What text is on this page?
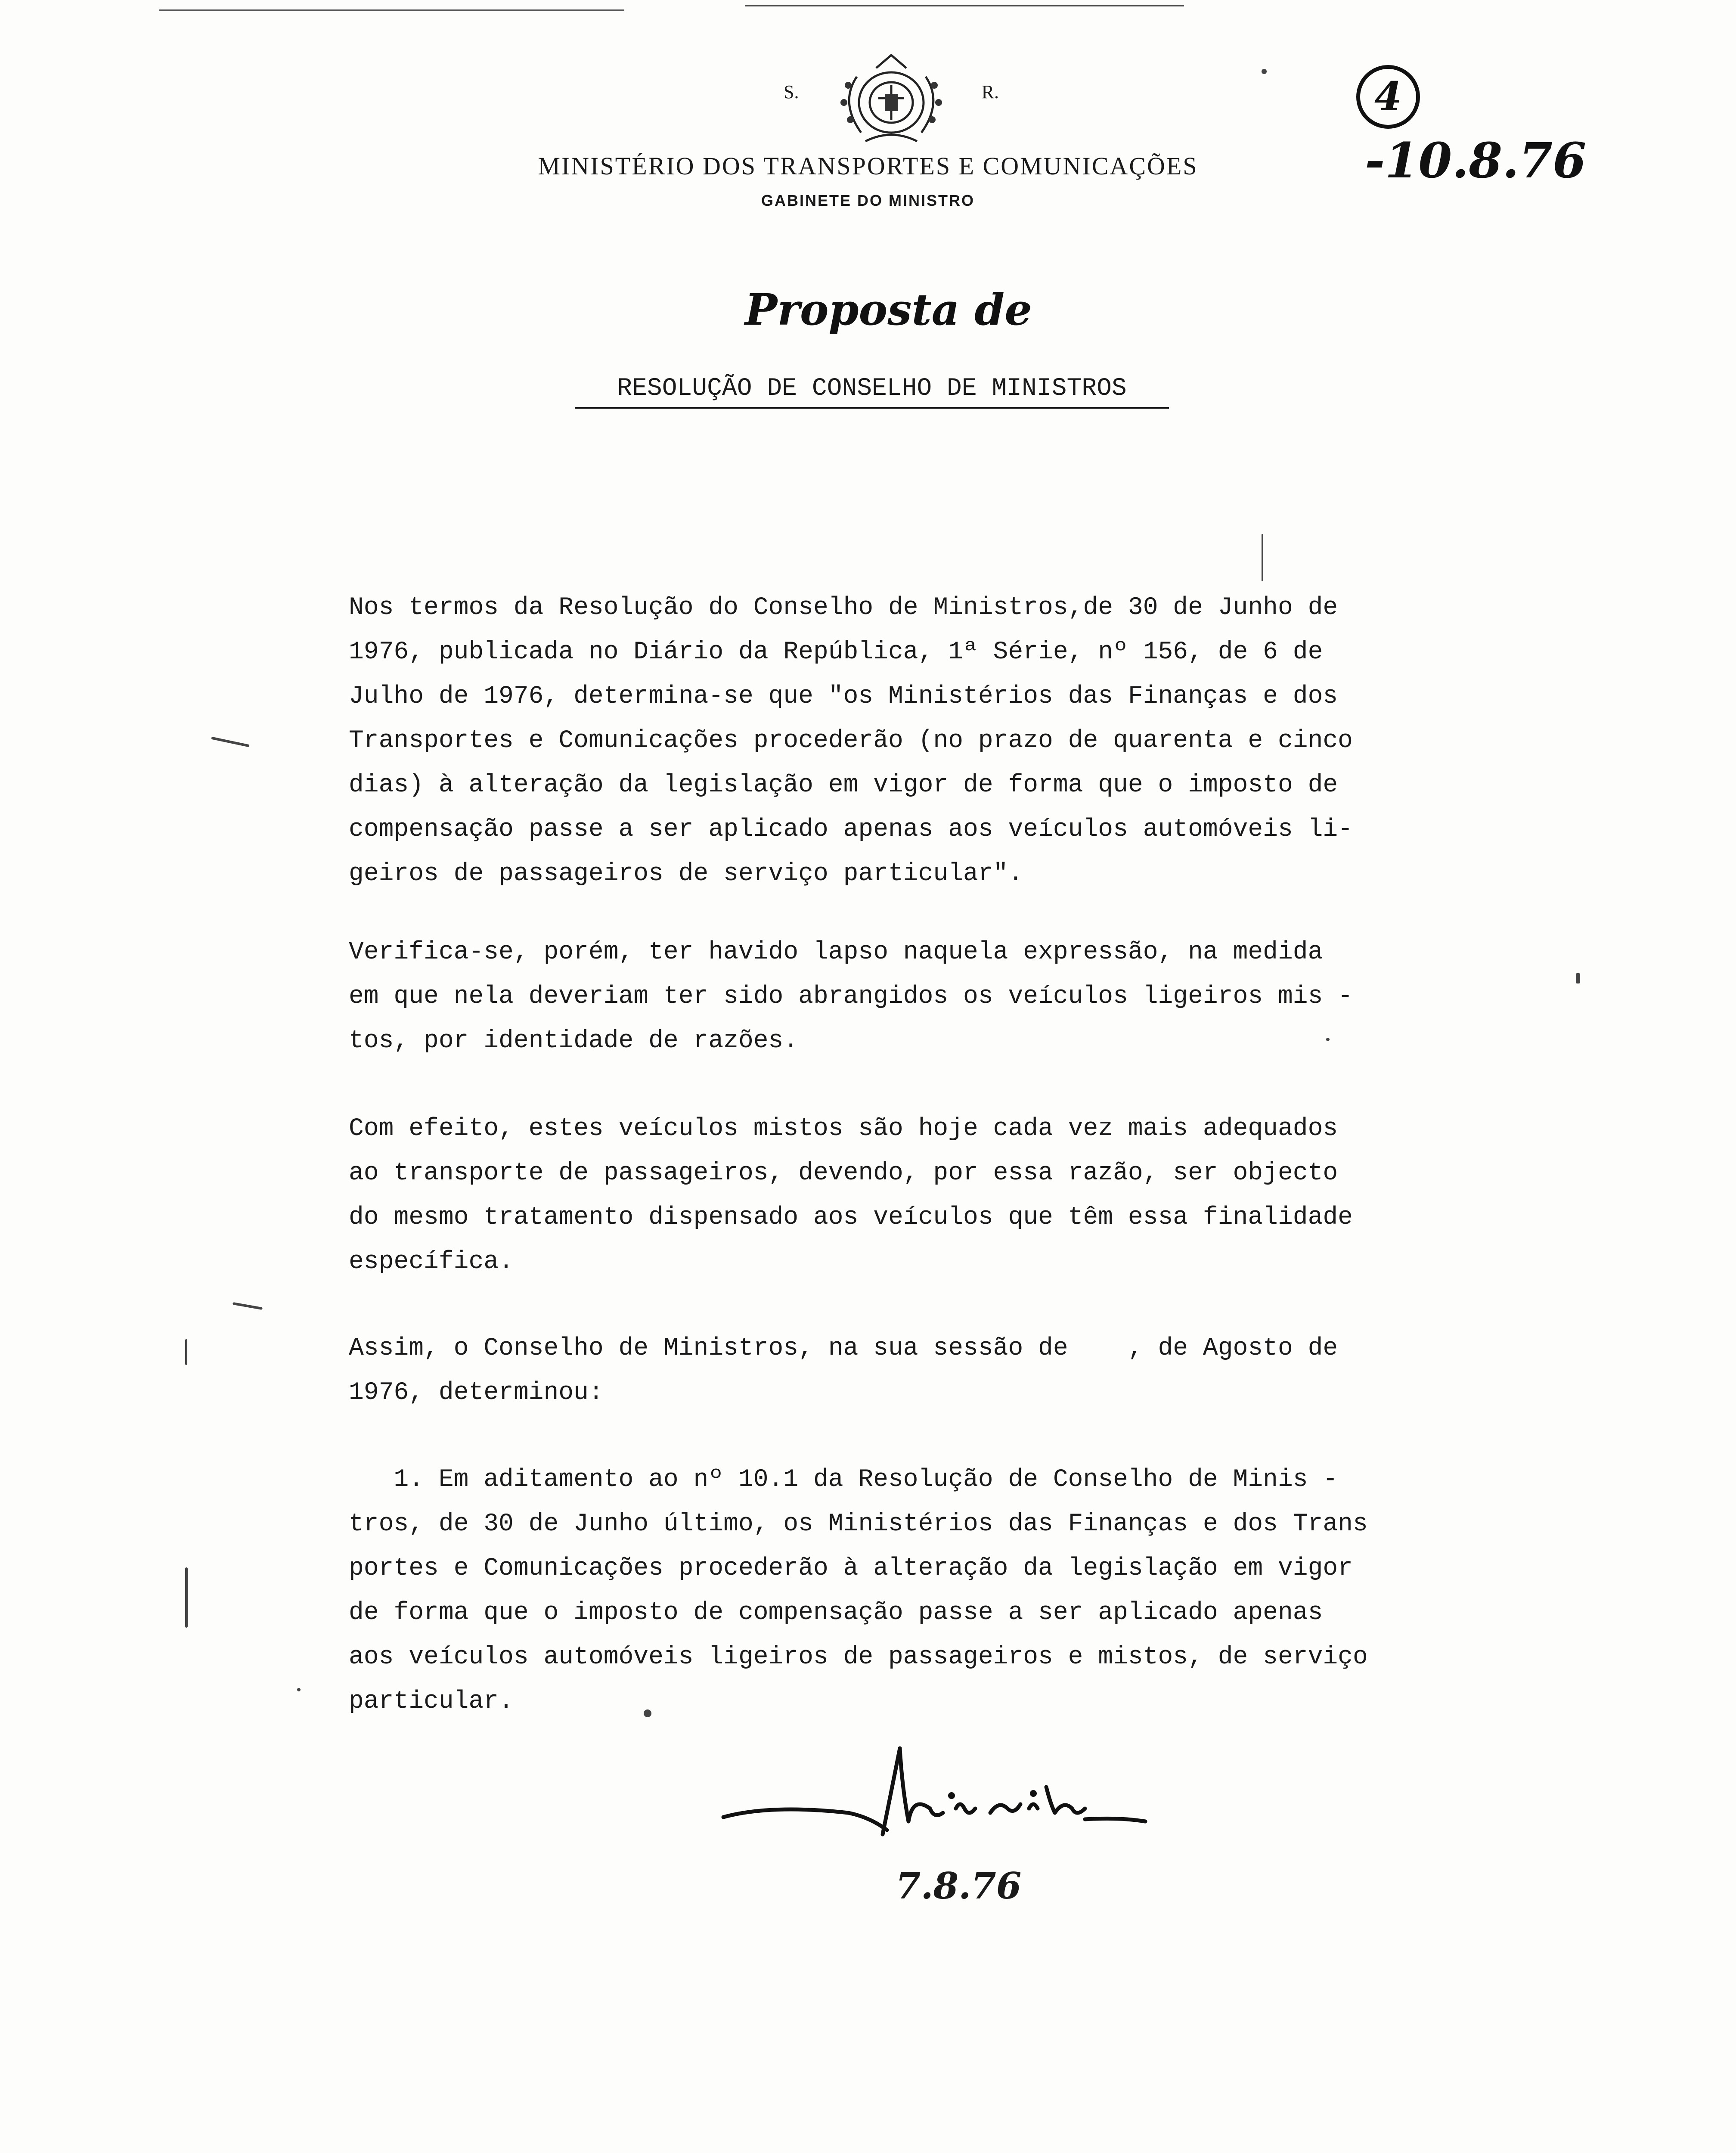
S.	R.
MINISTÉRIO DOS TRANSPORTES E COMUNICAÇÕES
GABINETE DO MINISTRO
4-10.8.76
Proposta de
RESOLUÇÃO DE CONSELHO DE MINISTROS
Nos termos da Resolução do Conselho de Ministros,de 30 de Junho de
1976, publicada no Diário da República, 1ª Série, nº 156, de 6 de
Julho de 1976, determina-se que "os Ministérios das Finanças e dos
Transportes e Comunicações procederão (no prazo de quarenta e cinco
dias) à alteração da legislação em vigor de forma que o imposto de
compensação passe a ser aplicado apenas aos veículos automóveis li-
geiros de passageiros de serviço particular".
Verifica-se, porém, ter havido lapso naquela expressão, na medida
em que nela deveriam ter sido abrangidos os veículos ligeiros mis -
tos, por identidade de razões.
Com efeito, estes veículos mistos são hoje cada vez mais adequados
ao transporte de passageiros, devendo, por essa razão, ser objecto
do mesmo tratamento dispensado aos veículos que têm essa finalidade
específica.
Assim, o Conselho de Ministros, na sua sessão de    , de Agosto de
1976, determinou:
1. Em aditamento ao nº 10.1 da Resolução de Conselho de Minis -
tros, de 30 de Junho último, os Ministérios das Finanças e dos Trans
portes e Comunicações procederão à alteração da legislação em vigor
de forma que o imposto de compensação passe a ser aplicado apenas
aos veículos automóveis ligeiros de passageiros e mistos, de serviço
particular.
7.8.76
